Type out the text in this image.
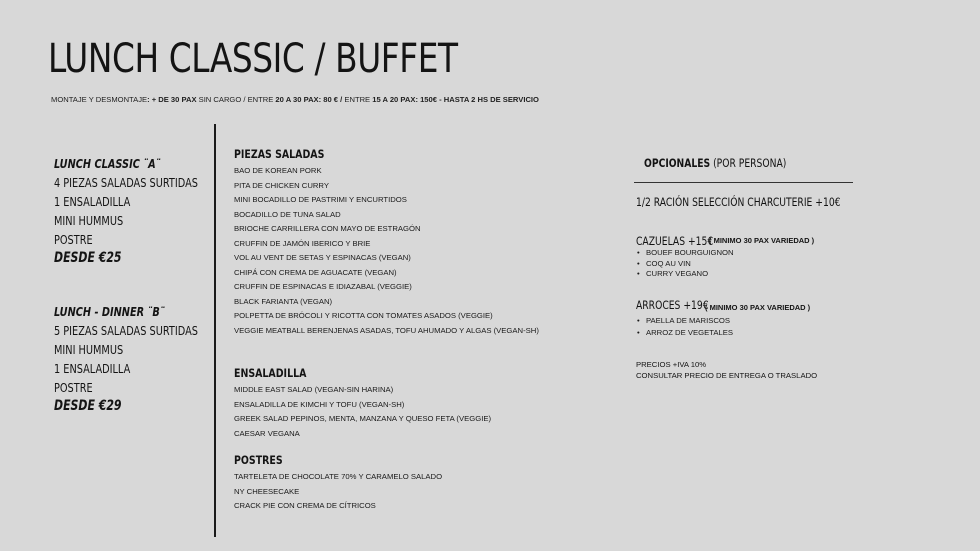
LUNCH CLASSIC / BUFFET
MONTAJE Y DESMONTAJE: + DE 30 PAX SIN CARGO / ENTRE 20 A 30 PAX: 80 € / ENTRE 15 A 20 PAX: 150€ - HASTA 2 HS DE SERVICIO
LUNCH CLASSIC ¨A¨
4 PIEZAS SALADAS SURTIDAS
1 ENSALADILLA
MINI HUMMUS
POSTRE
DESDE €25
LUNCH - DINNER ¨B¨
5 PIEZAS SALADAS SURTIDAS
MINI HUMMUS
1 ENSALADILLA
POSTRE
DESDE €29
PIEZAS SALADAS
BAO DE KOREAN PORK
PITA DE CHICKEN CURRY
MINI BOCADILLO DE PASTRIMI Y ENCURTIDOS
BOCADILLO DE TUNA SALAD
BRIOCHE CARRILLERA CON MAYO DE ESTRAGÓN
CRUFFIN DE JAMÓN IBERICO Y BRIE
VOL AU VENT DE SETAS Y ESPINACAS (VEGAN)
CHIPÁ CON CREMA DE AGUACATE (VEGAN)
CRUFFIN DE ESPINACAS E IDIAZABAL (VEGGIE)
BLACK FARIANTA (VEGAN)
POLPETTA DE BRÓCOLI Y RICOTTA CON TOMATES ASADOS (VEGGIE)
VEGGIE MEATBALL BERENJENAS ASADAS, TOFU AHUMADO Y ALGAS (VEGAN-SH)
ENSALADILLA
MIDDLE EAST SALAD (VEGAN-SIN HARINA)
ENSALADILLA DE KIMCHI Y TOFU (VEGAN-SH)
GREEK SALAD PEPINOS, MENTA, MANZANA Y QUESO FETA (VEGGIE)
CAESAR VEGANA
POSTRES
TARTELETA DE CHOCOLATE 70% Y CARAMELO SALADO
NY CHEESECAKE
CRACK PIE CON CREMA DE CÍTRICOS
OPCIONALES (POR PERSONA)
1/2 RACIÓN SELECCIÓN CHARCUTERIE +10€
CAZUELAS +15€
( MINIMO 30 PAX VARIEDAD )
• BOUEF BOURGUIGNON
• COQ AU VIN
• CURRY VEGANO
ARROCES +19€
( MINIMO 30 PAX VARIEDAD )
• PAELLA DE MARISCOS
• ARROZ DE VEGETALES
PRECIOS +IVA 10%
CONSULTAR PRECIO DE ENTREGA O TRASLADO
